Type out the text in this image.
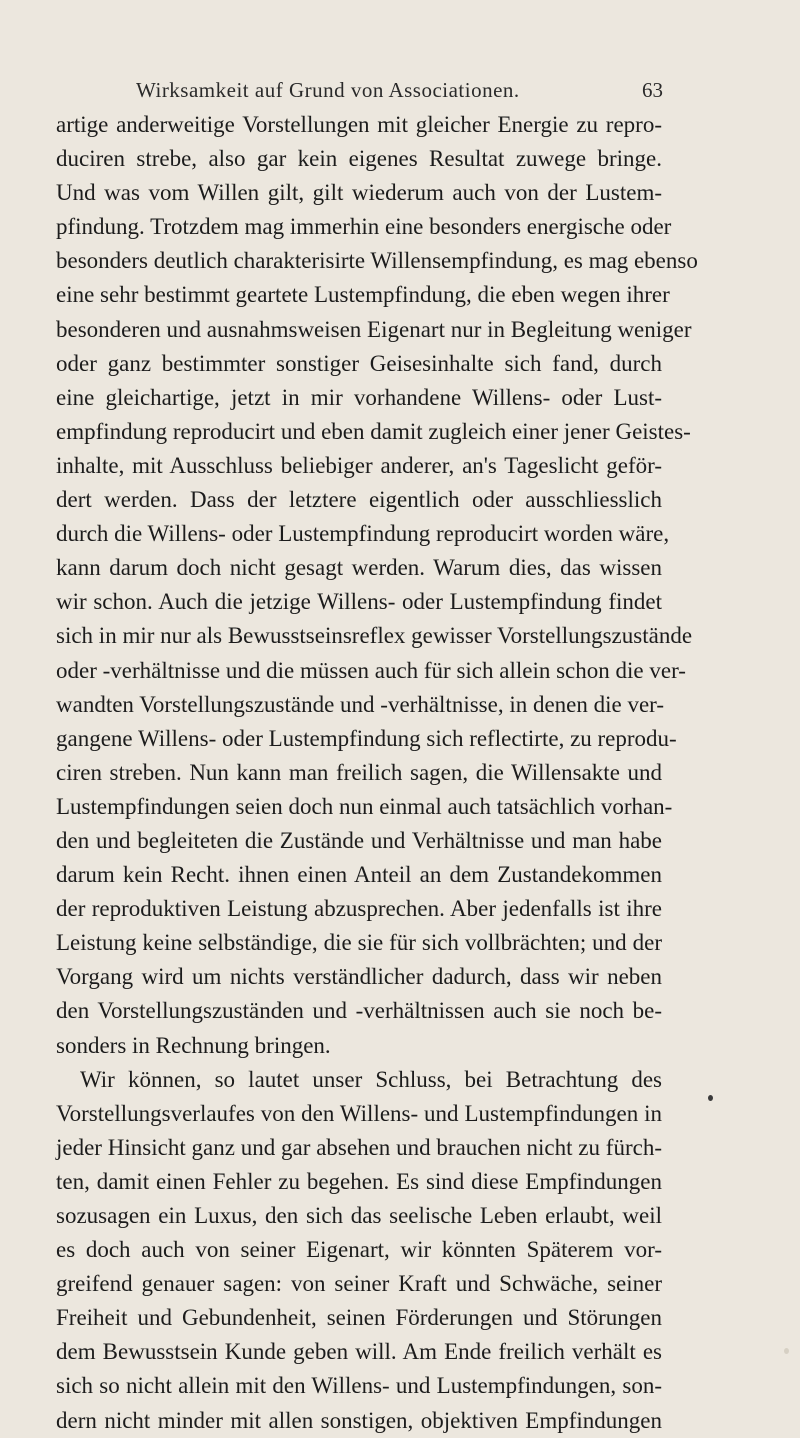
Wirksamkeit auf Grund von Associationen.	63
artige anderweitige Vorstellungen mit gleicher Energie zu repro-
duciren strebe, also gar kein eigenes Resultat zuwege bringe.
Und was vom Willen gilt, gilt wiederum auch von der Lustem-
pfindung. Trotzdem mag immerhin eine besonders energische oder
besonders deutlich charakterisirte Willensempfindung, es mag ebenso
eine sehr bestimmt geartete Lustempfindung, die eben wegen ihrer
besonderen und ausnahmsweisen Eigenart nur in Begleitung weniger
oder ganz bestimmter sonstiger Geisesinhalte sich fand, durch
eine gleichartige, jetzt in mir vorhandene Willens- oder Lust-
empfindung reproducirt und eben damit zugleich einer jener Geistes-
inhalte, mit Ausschluss beliebiger anderer, an's Tageslicht geför-
dert werden. Dass der letztere eigentlich oder ausschliesslich
durch die Willens- oder Lustempfindung reproducirt worden wäre,
kann darum doch nicht gesagt werden. Warum dies, das wissen
wir schon. Auch die jetzige Willens- oder Lustempfindung findet
sich in mir nur als Bewusstseinsreflex gewisser Vorstellungszustände
oder -verhältnisse und die müssen auch für sich allein schon die ver-
wandten Vorstellungszustände und -verhältnisse, in denen die ver-
gangene Willens- oder Lustempfindung sich reflectirte, zu reprodu-
ciren streben. Nun kann man freilich sagen, die Willensakte und
Lustempfindungen seien doch nun einmal auch tatsächlich vorhan-
den und begleiteten die Zustände und Verhältnisse und man habe
darum kein Recht. ihnen einen Anteil an dem Zustandekommen
der reproduktiven Leistung abzusprechen. Aber jedenfalls ist ihre
Leistung keine selbständige, die sie für sich vollbrächten; und der
Vorgang wird um nichts verständlicher dadurch, dass wir neben
den Vorstellungszuständen und -verhältnissen auch sie noch be-
sonders in Rechnung bringen.
Wir können, so lautet unser Schluss, bei Betrachtung des
Vorstellungsverlaufes von den Willens- und Lustempfindungen in
jeder Hinsicht ganz und gar absehen und brauchen nicht zu fürch-
ten, damit einen Fehler zu begehen. Es sind diese Empfindungen
sozusagen ein Luxus, den sich das seelische Leben erlaubt, weil
es doch auch von seiner Eigenart, wir könnten Späterem vor-
greifend genauer sagen: von seiner Kraft und Schwäche, seiner
Freiheit und Gebundenheit, seinen Förderungen und Störungen
dem Bewusstsein Kunde geben will. Am Ende freilich verhält es
sich so nicht allein mit den Willens- und Lustempfindungen, son-
dern nicht minder mit allen sonstigen, objektiven Empfindungen
